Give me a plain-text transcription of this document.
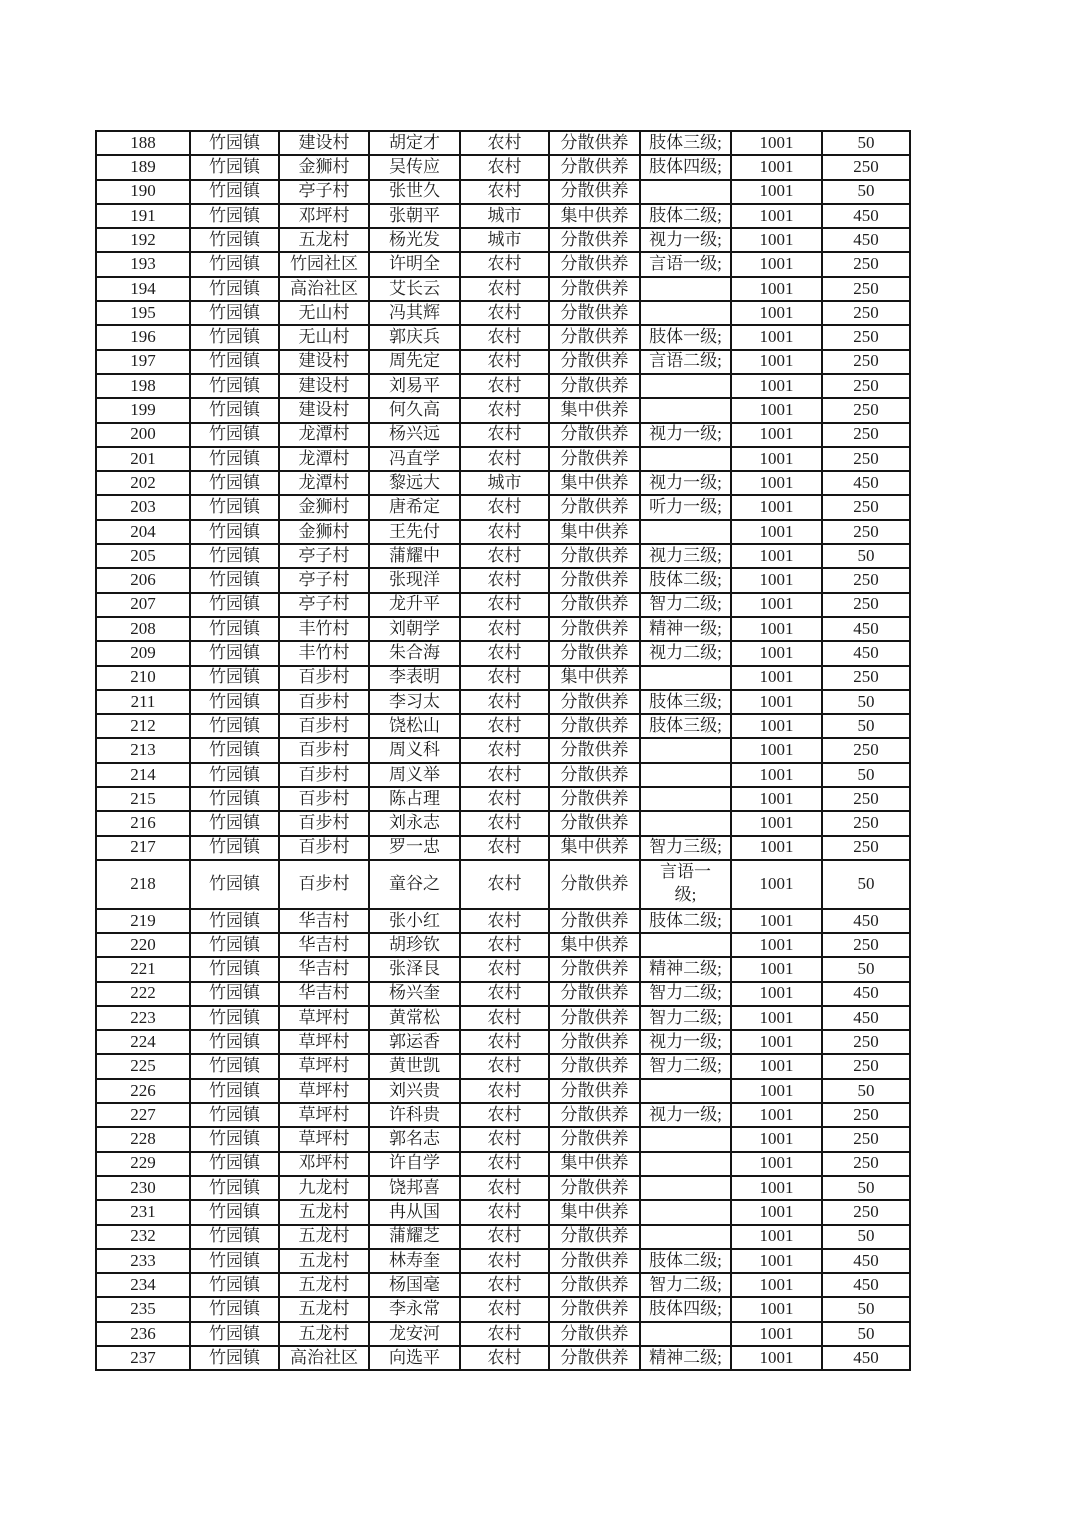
188	竹园镇	建设村	胡定才	农村	分散供养	肢体三级;	1001	50
189	竹园镇	金狮村	吴传应	农村	分散供养	肢体四级;	1001	250
190	竹园镇	亭子村	张世久	农村	分散供养		1001	50
191	竹园镇	邓坪村	张朝平	城市	集中供养	肢体二级;	1001	450
192	竹园镇	五龙村	杨光发	城市	分散供养	视力一级;	1001	450
193	竹园镇	竹园社区	许明全	农村	分散供养	言语一级;	1001	250
194	竹园镇	高治社区	艾长云	农村	分散供养		1001	250
195	竹园镇	无山村	冯其辉	农村	分散供养		1001	250
196	竹园镇	无山村	郭庆兵	农村	分散供养	肢体一级;	1001	250
197	竹园镇	建设村	周先定	农村	分散供养	言语二级;	1001	250
198	竹园镇	建设村	刘易平	农村	分散供养		1001	250
199	竹园镇	建设村	何久高	农村	集中供养		1001	250
200	竹园镇	龙潭村	杨兴远	农村	分散供养	视力一级;	1001	250
201	竹园镇	龙潭村	冯直学	农村	分散供养		1001	250
202	竹园镇	龙潭村	黎远大	城市	集中供养	视力一级;	1001	450
203	竹园镇	金狮村	唐希定	农村	分散供养	听力一级;	1001	250
204	竹园镇	金狮村	王先付	农村	集中供养		1001	250
205	竹园镇	亭子村	蒲耀中	农村	分散供养	视力三级;	1001	50
206	竹园镇	亭子村	张现洋	农村	分散供养	肢体二级;	1001	250
207	竹园镇	亭子村	龙升平	农村	分散供养	智力二级;	1001	250
208	竹园镇	丰竹村	刘朝学	农村	分散供养	精神一级;	1001	450
209	竹园镇	丰竹村	朱合海	农村	分散供养	视力二级;	1001	450
210	竹园镇	百步村	李表明	农村	集中供养		1001	250
211	竹园镇	百步村	李习太	农村	分散供养	肢体三级;	1001	50
212	竹园镇	百步村	饶松山	农村	分散供养	肢体三级;	1001	50
213	竹园镇	百步村	周义科	农村	分散供养		1001	250
214	竹园镇	百步村	周义举	农村	分散供养		1001	50
215	竹园镇	百步村	陈占理	农村	分散供养		1001	250
216	竹园镇	百步村	刘永志	农村	分散供养		1001	250
217	竹园镇	百步村	罗一忠	农村	集中供养	智力三级;	1001	250
218	竹园镇	百步村	童谷之	农村	分散供养	言语一级;	1001	50
219	竹园镇	华吉村	张小红	农村	分散供养	肢体二级;	1001	450
220	竹园镇	华吉村	胡珍钦	农村	集中供养		1001	250
221	竹园镇	华吉村	张泽艮	农村	分散供养	精神二级;	1001	50
222	竹园镇	华吉村	杨兴奎	农村	分散供养	智力二级;	1001	450
223	竹园镇	草坪村	黄常松	农村	分散供养	智力二级;	1001	450
224	竹园镇	草坪村	郭运香	农村	分散供养	视力一级;	1001	250
225	竹园镇	草坪村	黄世凯	农村	分散供养	智力二级;	1001	250
226	竹园镇	草坪村	刘兴贵	农村	分散供养		1001	50
227	竹园镇	草坪村	许科贵	农村	分散供养	视力一级;	1001	250
228	竹园镇	草坪村	郭名志	农村	分散供养		1001	250
229	竹园镇	邓坪村	许自学	农村	集中供养		1001	250
230	竹园镇	九龙村	饶邦喜	农村	分散供养		1001	50
231	竹园镇	五龙村	冉从国	农村	集中供养		1001	250
232	竹园镇	五龙村	蒲耀芝	农村	分散供养		1001	50
233	竹园镇	五龙村	林寿奎	农村	分散供养	肢体二级;	1001	450
234	竹园镇	五龙村	杨国毫	农村	分散供养	智力二级;	1001	450
235	竹园镇	五龙村	李永常	农村	分散供养	肢体四级;	1001	50
236	竹园镇	五龙村	龙安河	农村	分散供养		1001	50
237	竹园镇	高治社区	向选平	农村	分散供养	精神二级;	1001	450
